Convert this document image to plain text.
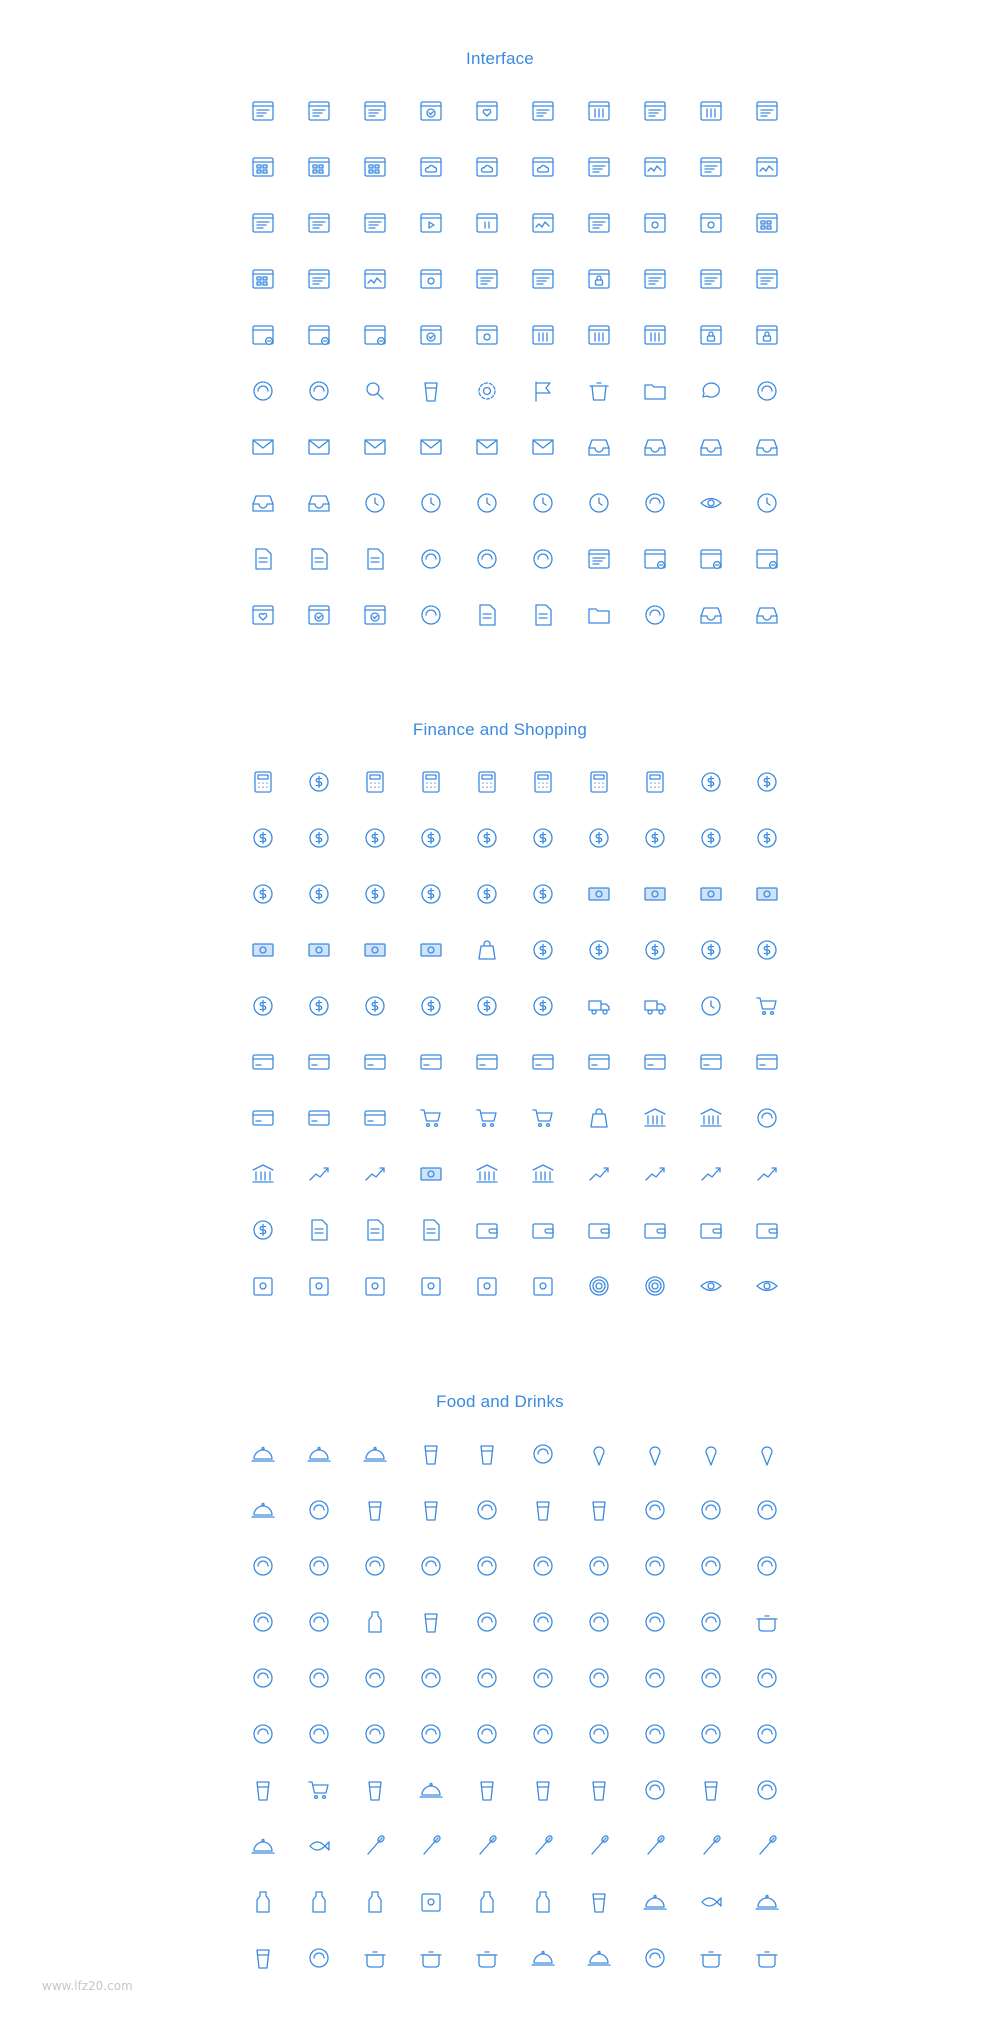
Interface
Finance and Shopping
Food and Drinks
www.lfz20.com
